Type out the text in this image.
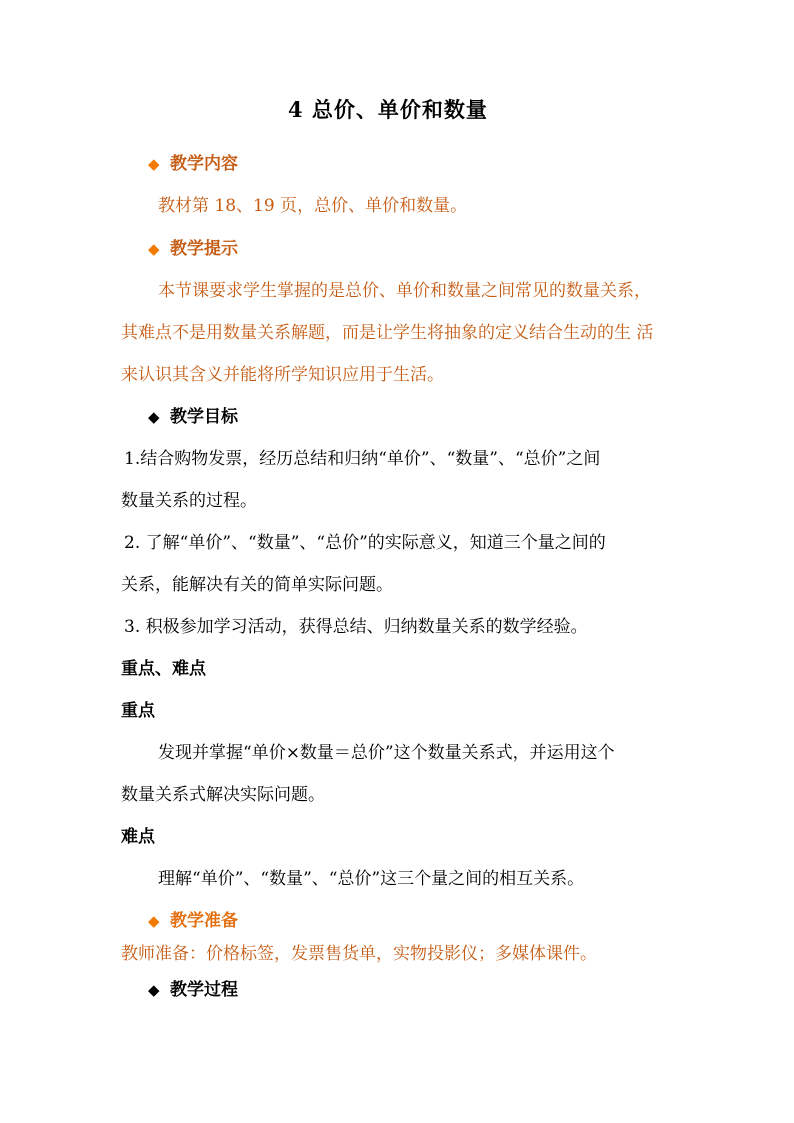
4 总价、单价和数量
◆ 教学内容
教材第 18、19 页，总价、单价和数量。
◆ 教学提示
本节课要求学生掌握的是总价、单价和数量之间常见的数量关系，
其难点不是用数量关系解题，而是让学生将抽象的定义结合生动的生 活
来认识其含义并能将所学知识应用于生活。
◆ 教学目标
1.结合购物发票，经历总结和归纳“单价”、“数量”、“总价”之间
数量关系的过程。
2. 了解“单价”、“数量”、“总价”的实际意义，知道三个量之间的
关系，能解决有关的简单实际问题。
3. 积极参加学习活动，获得总结、归纳数量关系的数学经验。
重点、难点
重点
发现并掌握“单价×数量＝总价”这个数量关系式，并运用这个
数量关系式解决实际问题。
难点
理解“单价”、“数量”、“总价”这三个量之间的相互关系。
◆ 教学准备
教师准备：价格标签，发票售货单，实物投影仪；多媒体课件。
◆ 教学过程
